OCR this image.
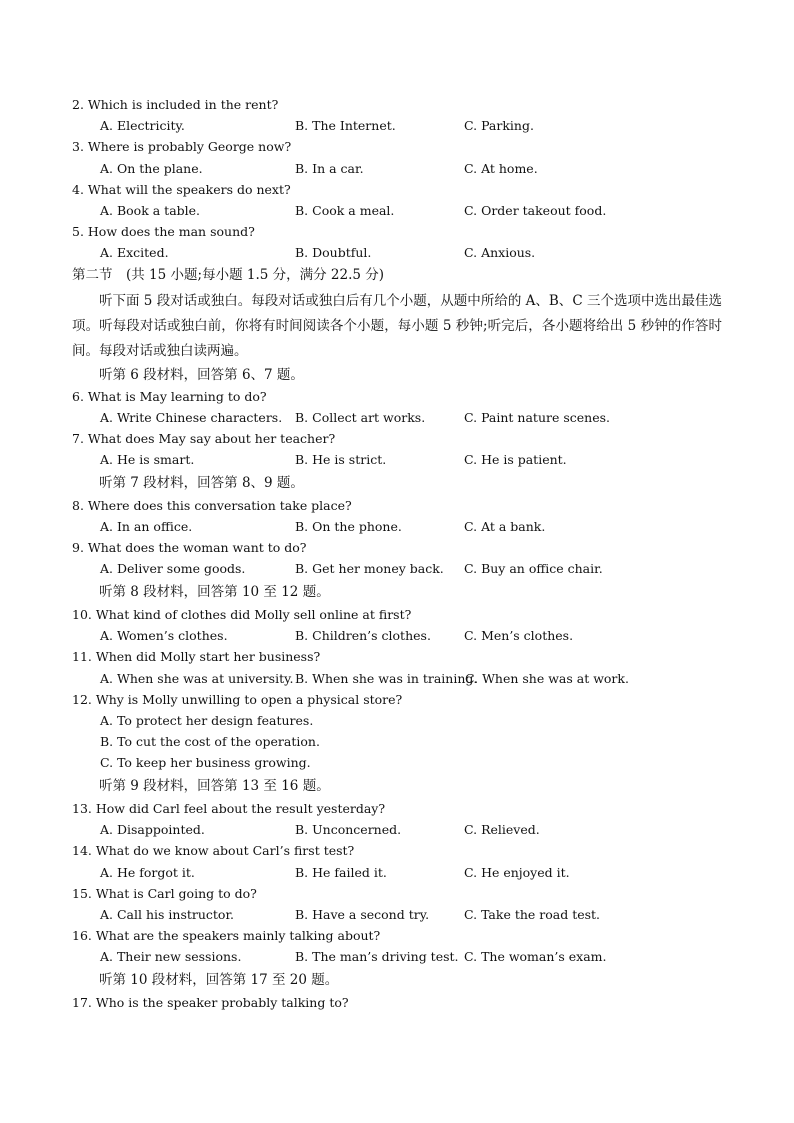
2. Which is included in the rent?
A. Electricity.	B. The Internet.	C. Parking.
3. Where is probably George now?
A. On the plane.	B. In a car.	C. At home.
4. What will the speakers do next?
A. Book a table.	B. Cook a meal.	C. Order takeout food.
5. How does the man sound?
A. Excited.	B. Doubtful.	C. Anxious.
第二节　(共 15 小题;每小题 1.5 分，满分 22.5 分)
听下面 5 段对话或独白。每段对话或独白后有几个小题，从题中所给的 A、B、C 三个选项中选出最佳选项。听每段对话或独白前，你将有时间阅读各个小题，每小题 5 秒钟;听完后，各小题将给出 5 秒钟的作答时间。每段对话或独白读两遍。
听第 6 段材料，回答第 6、7 题。
6. What is May learning to do?
A. Write Chinese characters. B. Collect art works.	C. Paint nature scenes.
7. What does May say about her teacher?
A. He is smart.	B. He is strict.	C. He is patient.
听第 7 段材料，回答第 8、9 题。
8. Where does this conversation take place?
A. In an office.	B. On the phone.	C. At a bank.
9. What does the woman want to do?
A. Deliver some goods.	B. Get her money back. C. Buy an office chair.
听第 8 段材料，回答第 10 至 12 题。
10. What kind of clothes did Molly sell online at first?
A. Women’s clothes.	B. Children’s clothes.	C. Men’s clothes.
11. When did Molly start her business?
A. When she was at university. B. When she was in training.
C. When she was at work.
12. Why is Molly unwilling to open a physical store?
A. To protect her design features.
B. To cut the cost of the operation.
C. To keep her business growing.
听第 9 段材料，回答第 13 至 16 题。
13. How did Carl feel about the result yesterday?
A. Disappointed.	B. Unconcerned.	C. Relieved.
14. What do we know about Carl’s first test?
A. He forgot it.	B. He failed it.	C. He enjoyed it.
15. What is Carl going to do?
A. Call his instructor.	B. Have a second try.	C. Take the road test.
16. What are the speakers mainly talking about?
A. Their new sessions.	B. The man’s driving test. C. The woman’s exam.
听第 10 段材料，回答第 17 至 20 题。
17. Who is the speaker probably talking to?
